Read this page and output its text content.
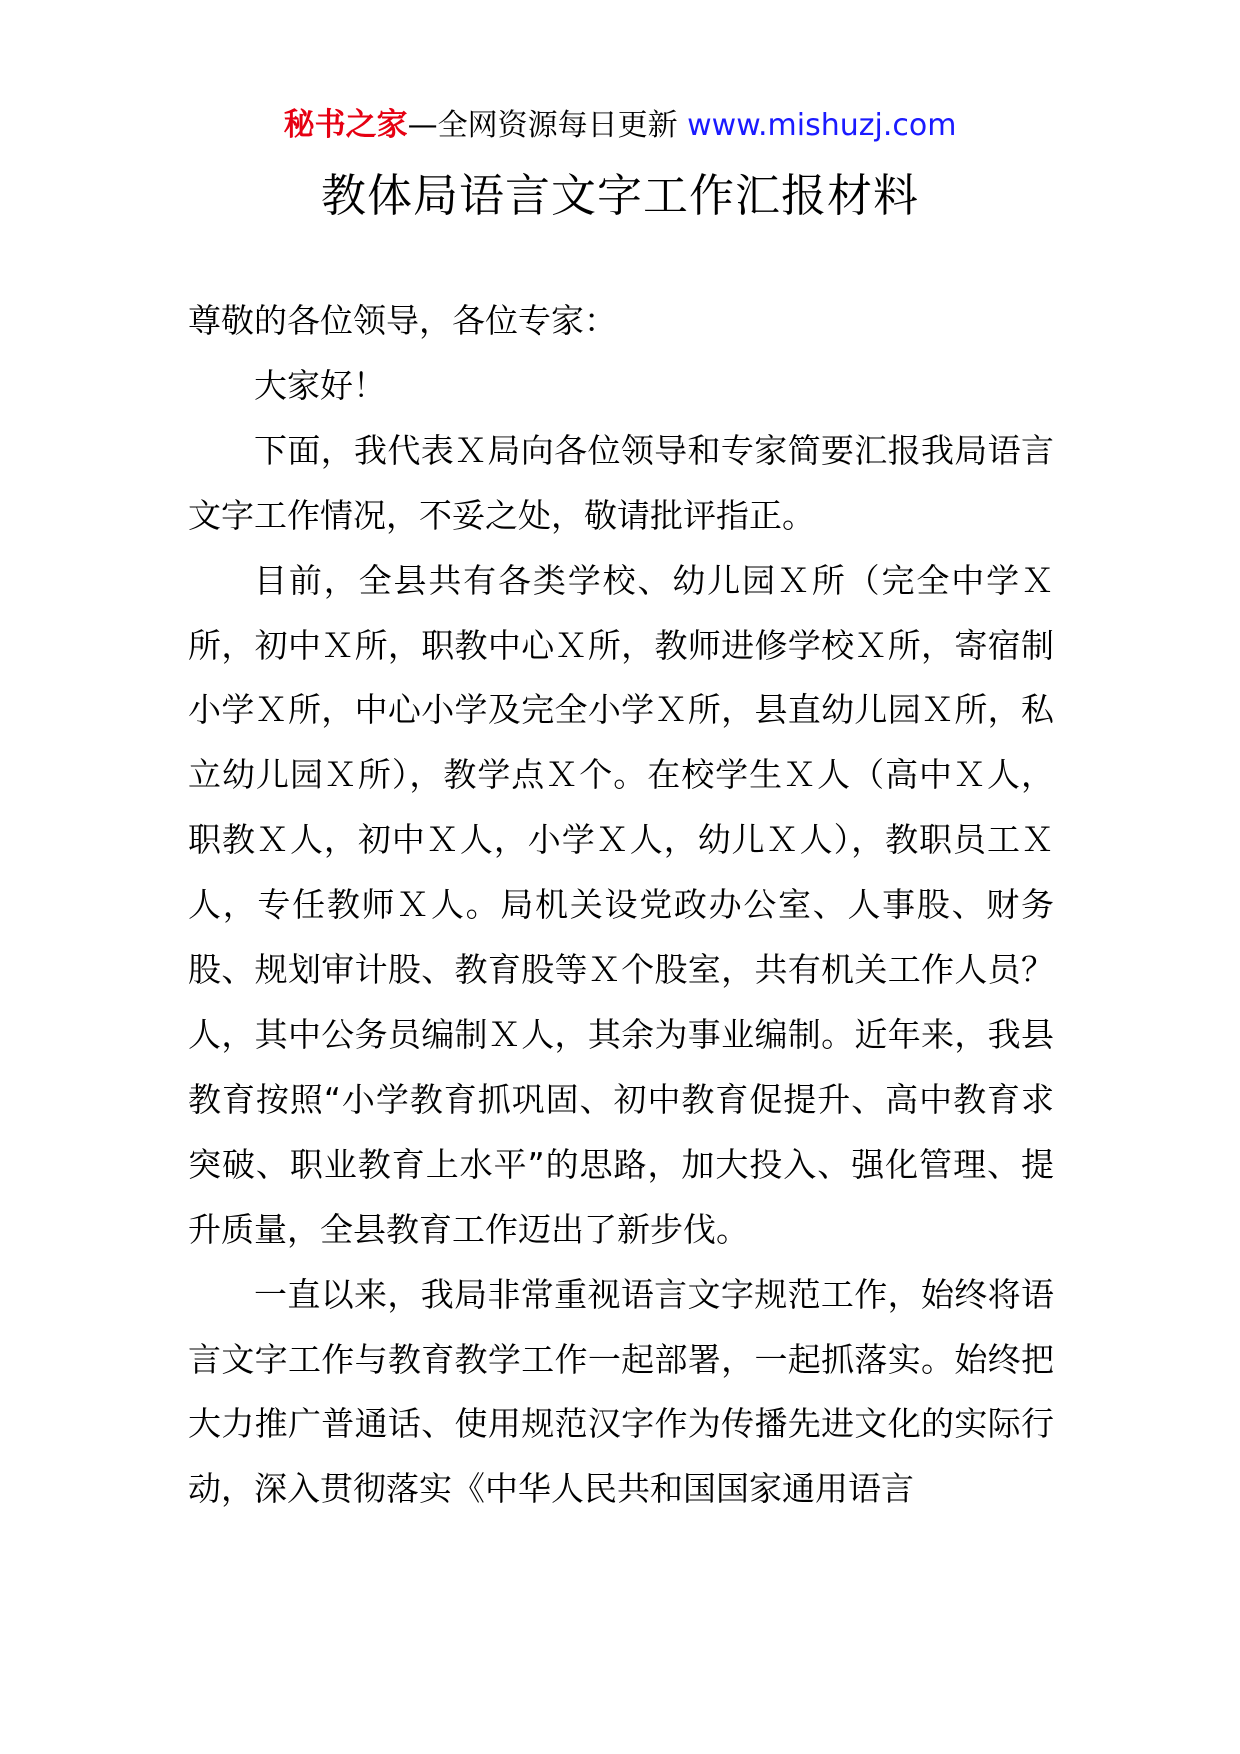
秘书之家—全网资源每日更新 www.mishuzj.com
教体局语言文字工作汇报材料

尊敬的各位领导，各位专家：

大家好！

下面，我代表Ｘ局向各位领导和专家简要汇报我局语言文字工作情况，不妥之处，敬请批评指正。

目前，全县共有各类学校、幼儿园Ｘ所（完全中学Ｘ所，初中Ｘ所，职教中心Ｘ所，教师进修学校Ｘ所，寄宿制小学Ｘ所，中心小学及完全小学Ｘ所，县直幼儿园Ｘ所，私立幼儿园Ｘ所），教学点Ｘ个。在校学生Ｘ人（高中Ｘ人，职教Ｘ人，初中Ｘ人，小学Ｘ人，幼儿Ｘ人），教职员工Ｘ人，专任教师Ｘ人。局机关设党政办公室、人事股、财务股、规划审计股、教育股等Ｘ个股室，共有机关工作人员？人，其中公务员编制Ｘ人，其余为事业编制。近年来，我县教育按照“小学教育抓巩固、初中教育促提升、高中教育求突破、职业教育上水平”的思路，加大投入、强化管理、提升质量，全县教育工作迈出了新步伐。

一直以来，我局非常重视语言文字规范工作，始终将语言文字工作与教育教学工作一起部署，一起抓落实。始终把大力推广普通话、使用规范汉字作为传播先进文化的实际行动，深入贯彻落实《中华人民共和国国家通用语言
